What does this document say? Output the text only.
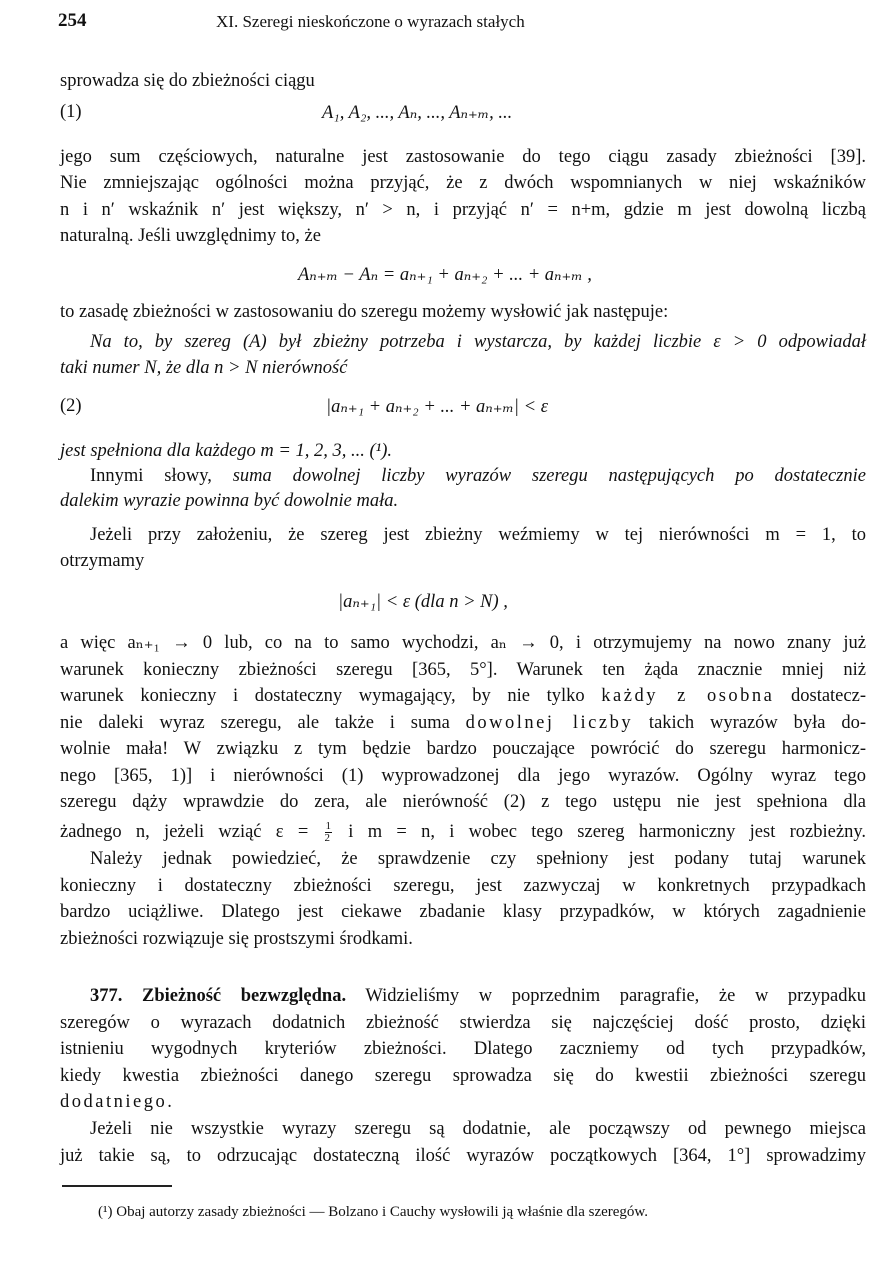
254	XI. Szeregi nieskończone o wyrazach stałych
sprowadza się do zbieżności ciągu
(1)	A₁, A₂, ..., Aₙ, ..., Aₙ₊ₘ, ...
jego sum częściowych, naturalne jest zastosowanie do tego ciągu zasady zbieżności [39].
Nie zmniejszając ogólności można przyjąć, że z dwóch wspomnianych w niej wskaźników
n i n′ wskaźnik n′ jest większy, n′ > n, i przyjąć n′ = n+m, gdzie m jest dowolną liczbą
naturalną. Jeśli uwzględnimy to, że
Aₙ₊ₘ − Aₙ = aₙ₊₁ + aₙ₊₂ + ... + aₙ₊ₘ ,
to zasadę zbieżności w zastosowaniu do szeregu możemy wysłowić jak następuje:
Na to, by szereg (A) był zbieżny potrzeba i wystarcza, by każdej liczbie ε > 0 odpowiadał
taki numer N, że dla n > N nierówność
(2)	|aₙ₊₁ + aₙ₊₂ + ... + aₙ₊ₘ| < ε
jest spełniona dla każdego m = 1, 2, 3, ... (¹).
Innymi słowy, suma dowolnej liczby wyrazów szeregu następujących po dostatecznie
dalekim wyrazie powinna być dowolnie mała.
Jeżeli przy założeniu, że szereg jest zbieżny weźmiemy w tej nierówności m = 1, to
otrzymamy
|aₙ₊₁| < ε (dla n > N) ,
a więc aₙ₊₁ → 0 lub, co na to samo wychodzi, aₙ → 0, i otrzymujemy na nowo znany już
warunek konieczny zbieżności szeregu [365, 5°]. Warunek ten żąda znacznie mniej niż
warunek konieczny i dostateczny wymagający, by nie tylko każdy z osobna dostatecz-
nie daleki wyraz szeregu, ale także i suma dowolnej liczby takich wyrazów była do-
wolnie mała! W związku z tym będzie bardzo pouczające powrócić do szeregu harmonicz-
nego [365, 1)] i nierówności (1) wyprowadzonej dla jego wyrazów. Ogólny wyraz tego
szeregu dąży wprawdzie do zera, ale nierówność (2) z tego ustępu nie jest spełniona dla
żadnego n, jeżeli wziąć $\varepsilon = \frac{1}{2}$ i m = n, i wobec tego szereg harmoniczny jest rozbieżny.
Należy jednak powiedzieć, że sprawdzenie czy spełniony jest podany tutaj warunek
konieczny i dostateczny zbieżności szeregu, jest zazwyczaj w konkretnych przypadkach
bardzo uciążliwe. Dlatego jest ciekawe zbadanie klasy przypadków, w których zagadnienie
zbieżności rozwiązuje się prostszymi środkami.
377. Zbieżność bezwzględna. Widzieliśmy w poprzednim paragrafie, że w przypadku
szeregów o wyrazach dodatnich zbieżność stwierdza się najczęściej dość prosto, dzięki
istnieniu wygodnych kryteriów zbieżności. Dlatego zaczniemy od tych przypadków,
kiedy kwestia zbieżności danego szeregu sprowadza się do kwestii zbieżności szeregu
dodatniego.
Jeżeli nie wszystkie wyrazy szeregu są dodatnie, ale począwszy od pewnego miejsca
już takie są, to odrzucając dostateczną ilość wyrazów początkowych [364, 1°] sprowadzimy
(¹) Obaj autorzy zasady zbieżności — Bolzano i Cauchy wysłowili ją właśnie dla szeregów.
